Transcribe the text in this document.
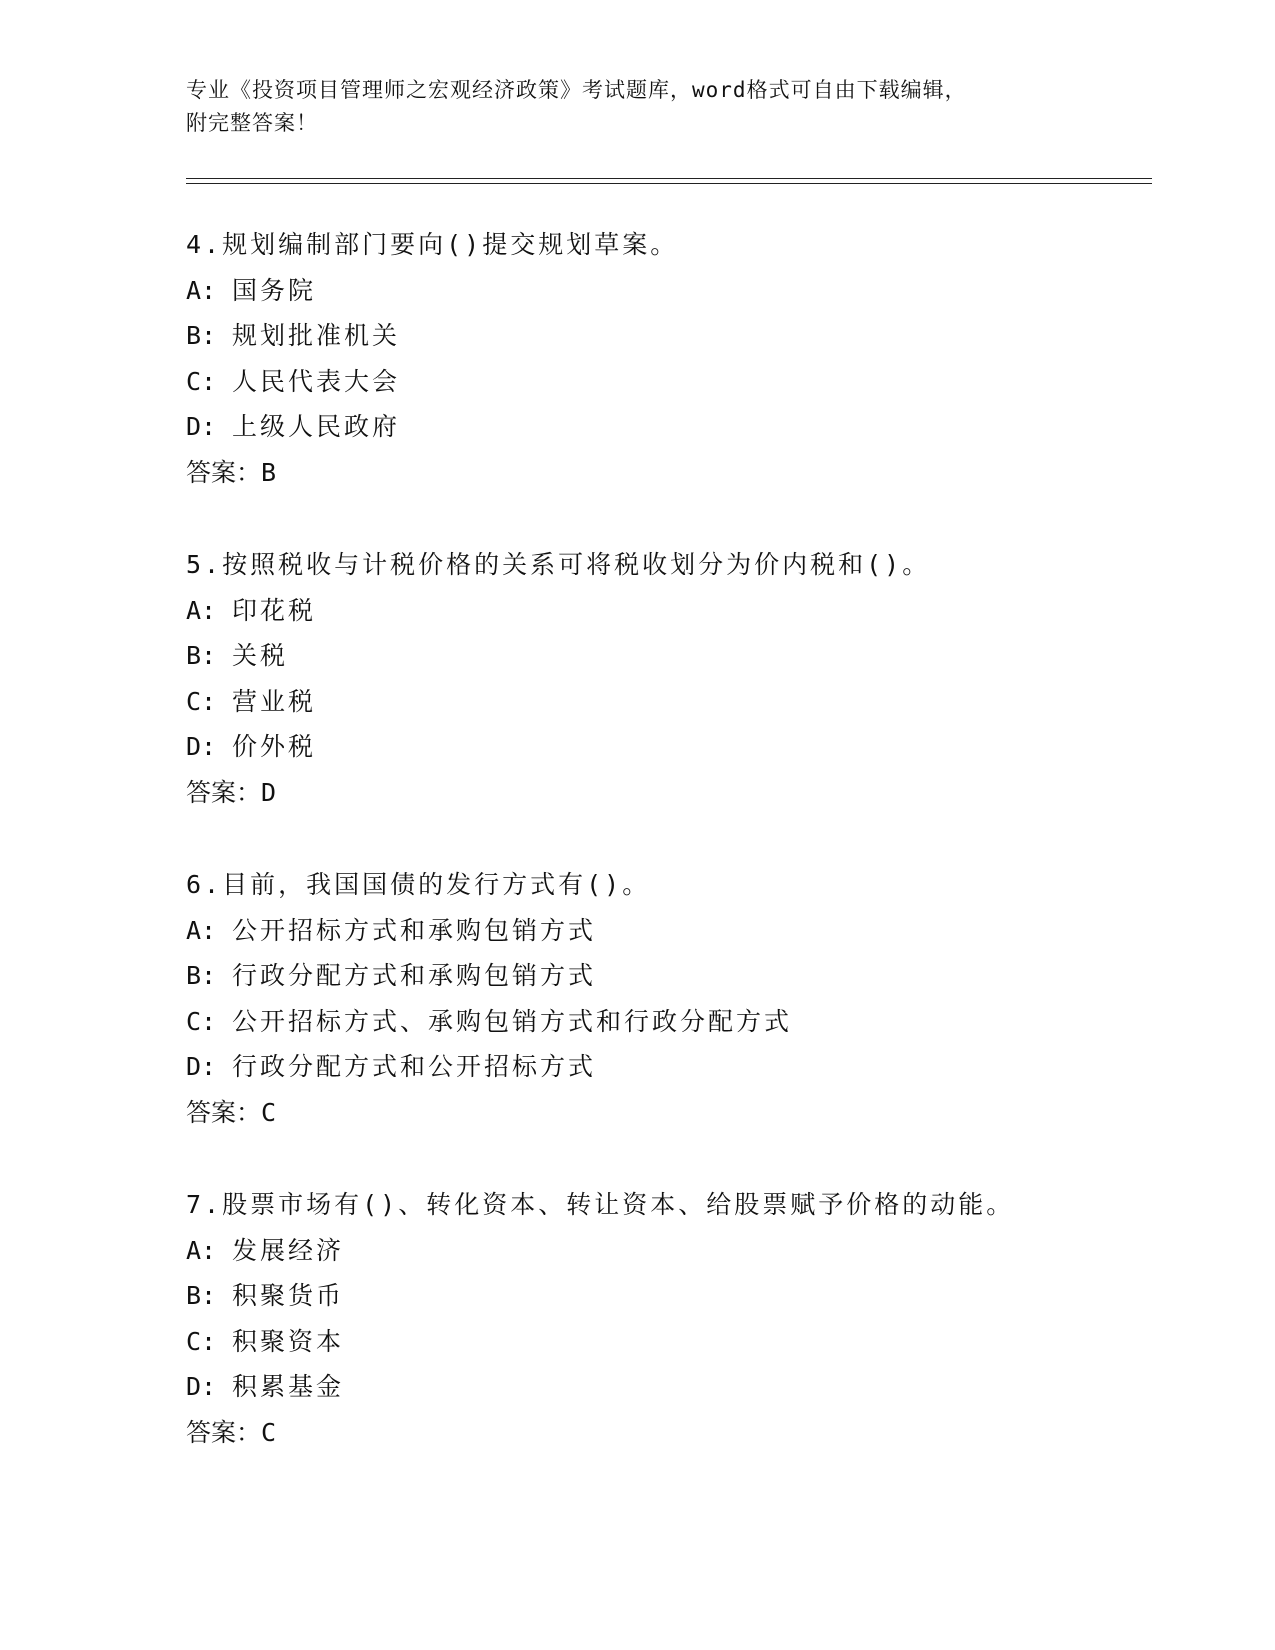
专业《投资项目管理师之宏观经济政策》考试题库，word格式可自由下载编辑，
附完整答案！
4.规划编制部门要向()提交规划草案。
A: 国务院
B: 规划批准机关
C: 人民代表大会
D: 上级人民政府
答案：B
5.按照税收与计税价格的关系可将税收划分为价内税和()。
A: 印花税
B: 关税
C: 营业税
D: 价外税
答案：D
6.目前，我国国债的发行方式有()。
A: 公开招标方式和承购包销方式
B: 行政分配方式和承购包销方式
C: 公开招标方式、承购包销方式和行政分配方式
D: 行政分配方式和公开招标方式
答案：C
7.股票市场有()、转化资本、转让资本、给股票赋予价格的动能。
A: 发展经济
B: 积聚货币
C: 积聚资本
D: 积累基金
答案：C
